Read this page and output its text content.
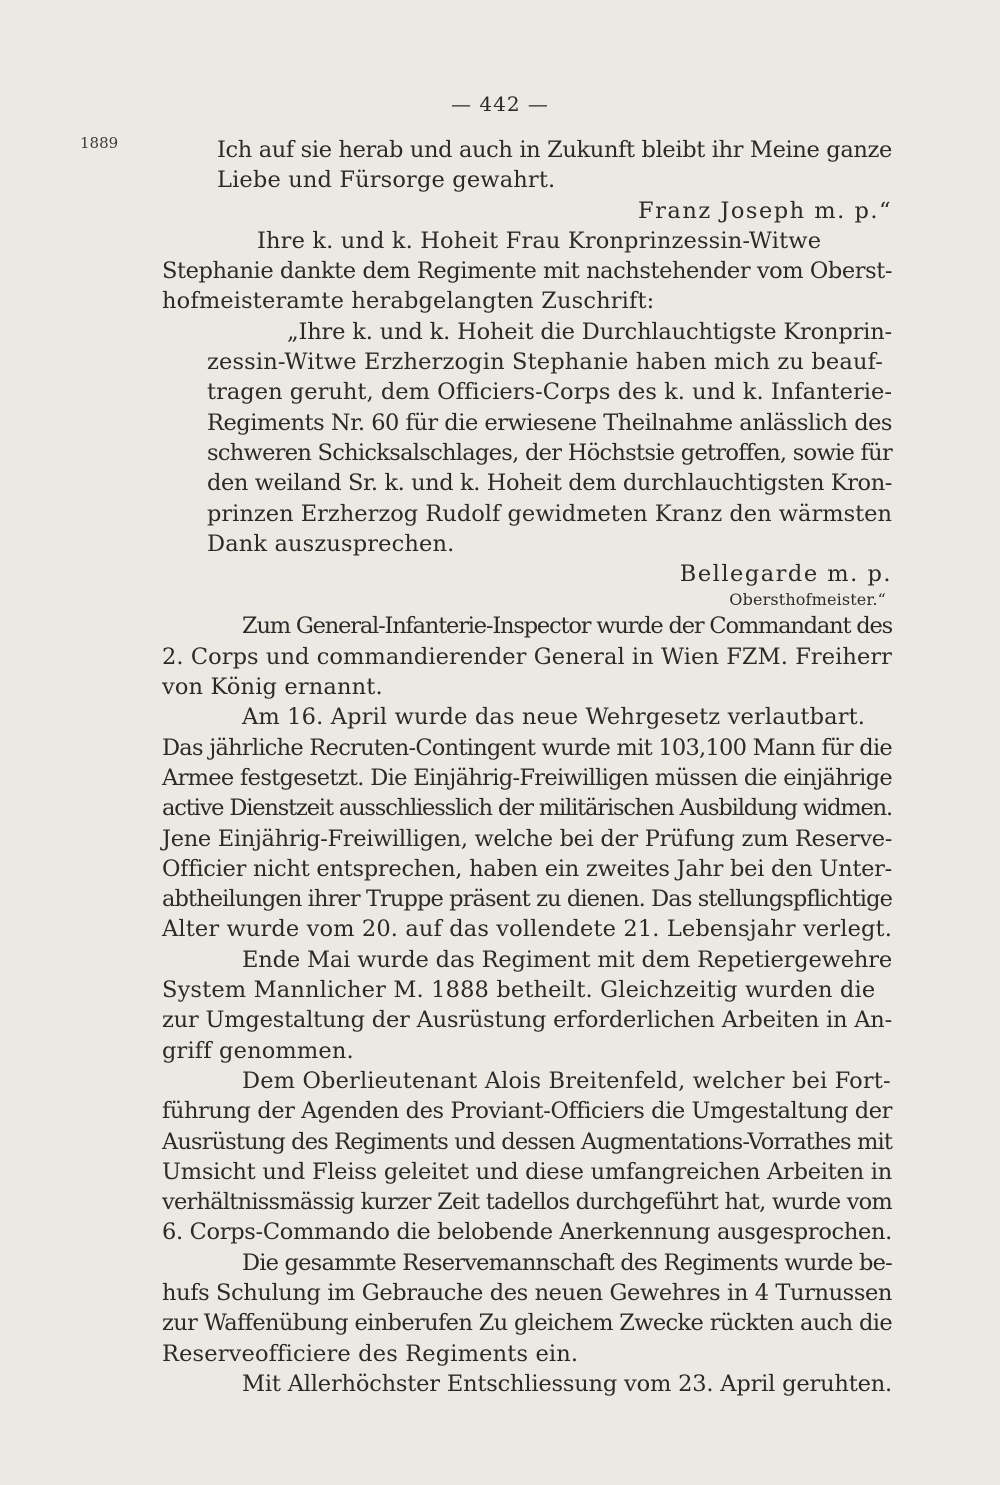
— 442 —
1889	Ich auf sie herab und auch in Zukunft bleibt ihr Meine ganze
Liebe und Fürsorge gewahrt.
Franz Joseph m. p.“
Ihre k. und k. Hoheit Frau Kronprinzessin-Witwe
Stephanie dankte dem Regimente mit nachstehender vom Oberst-
hofmeisteramte herabgelangten Zuschrift:
„Ihre k. und k. Hoheit die Durchlauchtigste Kronprin-
zessin-Witwe Erzherzogin Stephanie haben mich zu beauf-
tragen geruht, dem Officiers-Corps des k. und k. Infanterie-
Regiments Nr. 60 für die erwiesene Theilnahme anlässlich des
schweren Schicksalschlages, der Höchstsie getroffen, sowie für
den weiland Sr. k. und k. Hoheit dem durchlauchtigsten Kron-
prinzen Erzherzog Rudolf gewidmeten Kranz den wärmsten
Dank auszusprechen.
Bellegarde m. p.
Obersthofmeister.“
Zum General-Infanterie-Inspector wurde der Commandant des
2. Corps und commandierender General in Wien FZM. Freiherr
von König ernannt.
Am 16. April wurde das neue Wehrgesetz verlautbart.
Das jährliche Recruten-Contingent wurde mit 103,100 Mann für die
Armee festgesetzt. Die Einjährig-Freiwilligen müssen die einjährige
active Dienstzeit ausschliesslich der militärischen Ausbildung widmen.
Jene Einjährig-Freiwilligen, welche bei der Prüfung zum Reserve-
Officier nicht entsprechen, haben ein zweites Jahr bei den Unter-
abtheilungen ihrer Truppe präsent zu dienen. Das stellungspflichtige
Alter wurde vom 20. auf das vollendete 21. Lebensjahr verlegt.
Ende Mai wurde das Regiment mit dem Repetiergewehre
System Mannlicher M. 1888 betheilt. Gleichzeitig wurden die
zur Umgestaltung der Ausrüstung erforderlichen Arbeiten in An-
griff genommen.
Dem Oberlieutenant Alois Breitenfeld, welcher bei Fort-
führung der Agenden des Proviant-Officiers die Umgestaltung der
Ausrüstung des Regiments und dessen Augmentations-Vorrathes mit
Umsicht und Fleiss geleitet und diese umfangreichen Arbeiten in
verhältnissmässig kurzer Zeit tadellos durchgeführt hat, wurde vom
6. Corps-Commando die belobende Anerkennung ausgesprochen.
Die gesammte Reservemannschaft des Regiments wurde be-
hufs Schulung im Gebrauche des neuen Gewehres in 4 Turnussen
zur Waffenübung einberufen Zu gleichem Zwecke rückten auch die
Reserveofficiere des Regiments ein.
Mit Allerhöchster Entschliessung vom 23. April geruhten.
